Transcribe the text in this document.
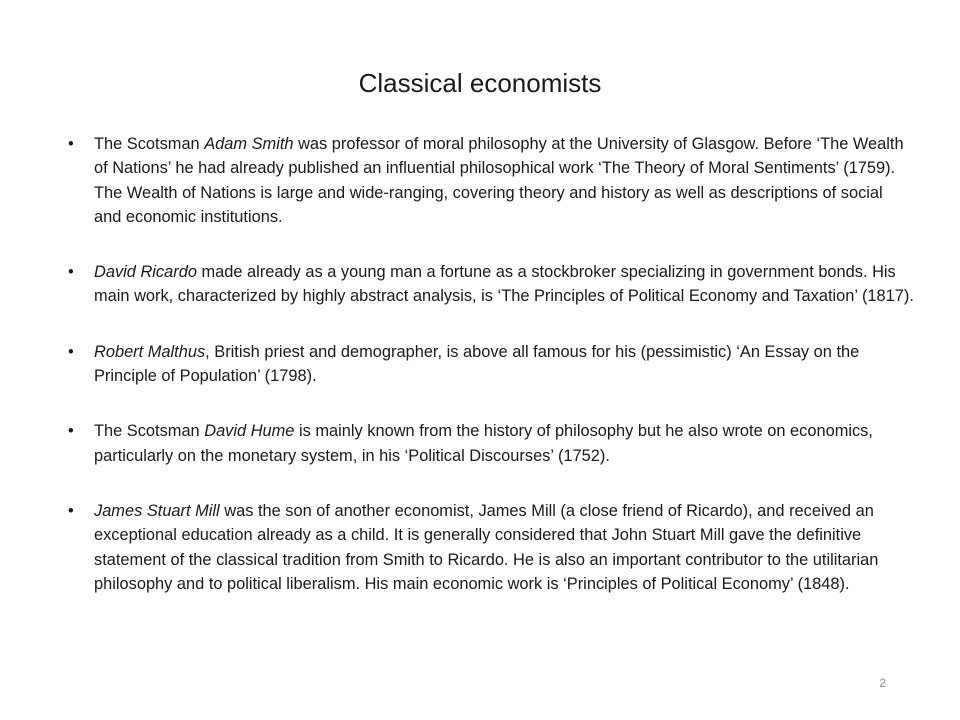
Classical economists
• The Scotsman Adam Smith was professor of moral philosophy at the University of Glasgow. Before ‘The Wealth of Nations’ he had already published an influential philosophical work ‘The Theory of Moral Sentiments’ (1759). The Wealth of Nations is large and wide-ranging, covering theory and history as well as descriptions of social and economic institutions.
• David Ricardo made already as a young man a fortune as a stockbroker specializing in government bonds. His main work, characterized by highly abstract analysis, is ‘The Principles of Political Economy and Taxation’ (1817).
• Robert Malthus, British priest and demographer, is above all famous for his (pessimistic) ‘An Essay on the Principle of Population’ (1798).
• The Scotsman David Hume is mainly known from the history of philosophy but he also wrote on economics, particularly on the monetary system, in his ‘Political Discourses’ (1752).
• James Stuart Mill was the son of another economist, James Mill (a close friend of Ricardo), and received an exceptional education already as a child. It is generally considered that John Stuart Mill gave the definitive statement of the classical tradition from Smith to Ricardo. He is also an important contributor to the utilitarian philosophy and to political liberalism. His main economic work is ‘Principles of Political Economy’ (1848).
2
